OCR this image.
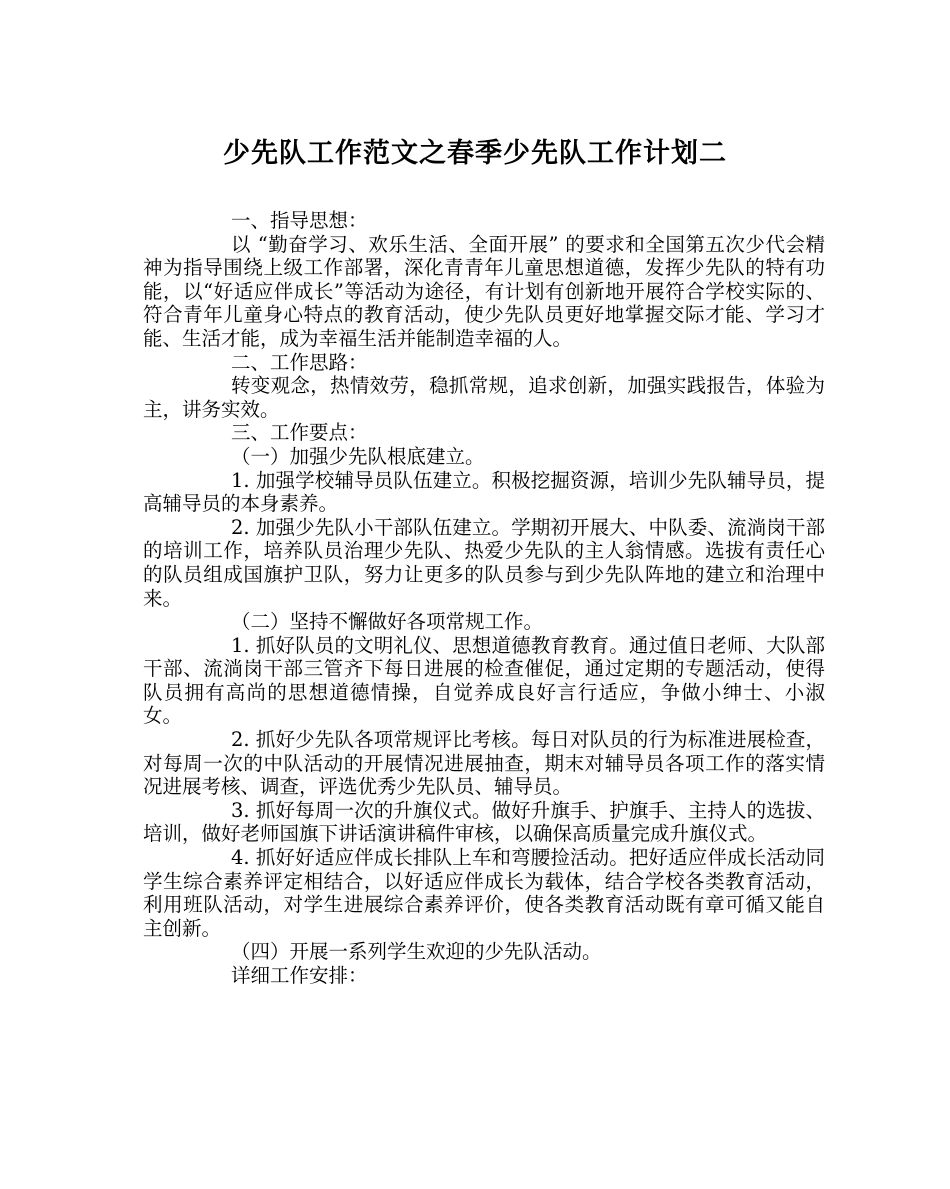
少先队工作范文之春季少先队工作计划二

一、指导思想：

以 “勤奋学习、欢乐生活、全面开展” 的要求和全国第五次少代会精神为指导围绕上级工作部署，深化青青年儿童思想道德，发挥少先队的特有功能，以“好适应伴成长”等活动为途径，有计划有创新地开展符合学校实际的、符合青年儿童身心特点的教育活动，使少先队员更好地掌握交际才能、学习才能、生活才能，成为幸福生活并能制造幸福的人。

二、工作思路：

转变观念，热情效劳，稳抓常规，追求创新，加强实践报告，体验为主，讲务实效。

三、工作要点：

（一）加强少先队根底建立。

1. 加强学校辅导员队伍建立。积极挖掘资源，培训少先队辅导员，提高辅导员的本身素养。

2. 加强少先队小干部队伍建立。学期初开展大、中队委、流淌岗干部的培训工作，培养队员治理少先队、热爱少先队的主人翁情感。选拔有责任心的队员组成国旗护卫队，努力让更多的队员参与到少先队阵地的建立和治理中来。

（二）坚持不懈做好各项常规工作。

1. 抓好队员的文明礼仪、思想道德教育教育。通过值日老师、大队部干部、流淌岗干部三管齐下每日进展的检查催促，通过定期的专题活动，使得队员拥有高尚的思想道德情操，自觉养成良好言行适应，争做小绅士、小淑女。

2. 抓好少先队各项常规评比考核。每日对队员的行为标准进展检查，对每周一次的中队活动的开展情况进展抽查，期末对辅导员各项工作的落实情况进展考核、调查，评选优秀少先队员、辅导员。

3. 抓好每周一次的升旗仪式。做好升旗手、护旗手、主持人的选拔、培训，做好老师国旗下讲话演讲稿件审核，以确保高质量完成升旗仪式。

4. 抓好好适应伴成长排队上车和弯腰捡活动。把好适应伴成长活动同学生综合素养评定相结合，以好适应伴成长为载体，结合学校各类教育活动，利用班队活动，对学生进展综合素养评价，使各类教育活动既有章可循又能自主创新。

（四）开展一系列学生欢迎的少先队活动。

详细工作安排：
